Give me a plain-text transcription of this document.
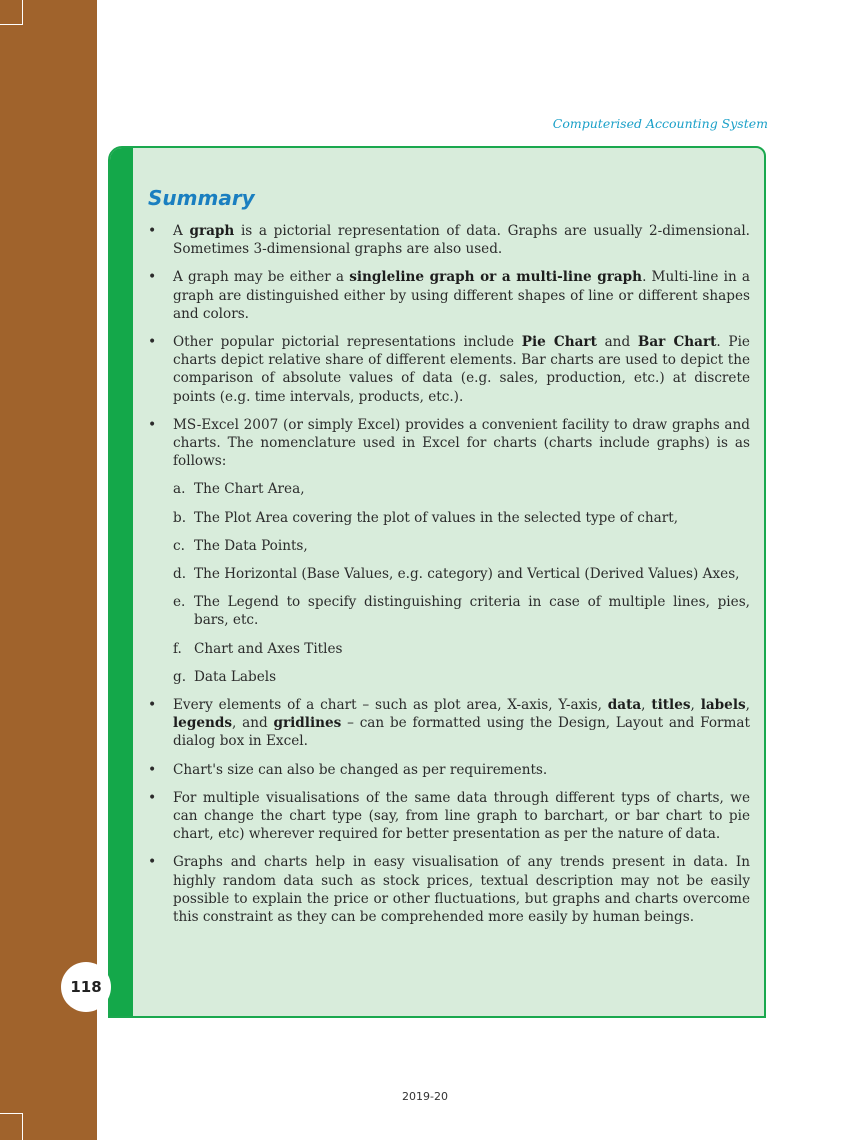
Computerised Accounting System
Summary
• A graph is a pictorial representation of data. Graphs are usually 2-dimensional. Sometimes 3-dimensional graphs are also used.
• A graph may be either a singleline graph or a multi-line graph. Multi-line in a graph are distinguished either by using different shapes of line or different shapes and colors.
• Other popular pictorial representations include Pie Chart and Bar Chart. Pie charts depict relative share of different elements. Bar charts are used to depict the comparison of absolute values of data (e.g. sales, production, etc.) at discrete points (e.g. time intervals, products, etc.).
• MS-Excel 2007 (or simply Excel) provides a convenient facility to draw graphs and charts. The nomenclature used in Excel for charts (charts include graphs) is as follows:
a. The Chart Area,
b. The Plot Area covering the plot of values in the selected type of chart,
c. The Data Points,
d. The Horizontal (Base Values, e.g. category) and Vertical (Derived Values) Axes,
e. The Legend to specify distinguishing criteria in case of multiple lines, pies, bars, etc.
f. Chart and Axes Titles
g. Data Labels
• Every elements of a chart – such as plot area, X-axis, Y-axis, data, titles, labels, legends, and gridlines – can be formatted using the Design, Layout and Format dialog box in Excel.
• Chart's size can also be changed as per requirements.
• For multiple visualisations of the same data through different typs of charts, we can change the chart type (say, from line graph to barchart, or bar chart to pie chart, etc) wherever required for better presentation as per the nature of data.
• Graphs and charts help in easy visualisation of any trends present in data. In highly random data such as stock prices, textual description may not be easily possible to explain the price or other fluctuations, but graphs and charts overcome this constraint as they can be comprehended more easily by human beings.
118
2019-20
